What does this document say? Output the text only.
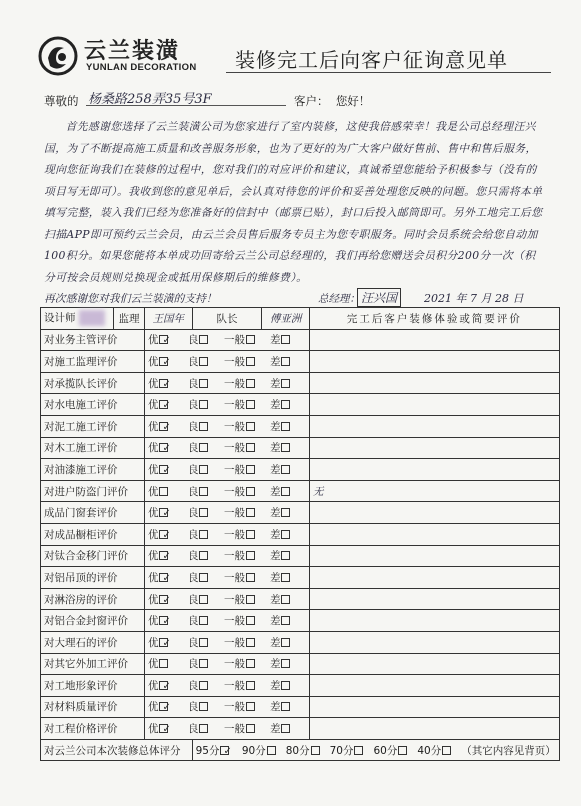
云兰装潢
YUNLAN DECORATION 装修完工后向客户征询意见单
尊敬的 杨桑路258弄35号3F	客户： 您好！

首先感谢您选择了云兰装潢公司为您家进行了室内装修，这使我倍感荣幸！我是公司总经理汪兴国，为了不断提高施工质量和改善服务形象，也为了更好的为广大客户做好售前、售中和售后服务，现向您征询我们在装修的过程中，您对我们的对应评价和建议，真诚希望您能给予积极参与（没有的项目写无即可）。我收到您的意见单后，会认真对待您的评价和妥善处理您反映的问题。您只需将本单填写完整，装入我们已经为您准备好的信封中（邮票已贴），封口后投入邮筒即可。另外工地完工后您扫描APP即可预约云兰会员，由云兰会员售后服务专员主为您专职服务。同时会员系统会给您自动加100积分。如果您能将本单成功回寄给云兰公司总经理的，我们再给您赠送会员积分200分一次（积分可按会员规则兑换现金或抵用保修期后的维修费）。

再次感谢您对我们云兰装潢的支持！	总经理： 汪兴国	2021 年 7 月 28 日
设计师	监理	王国年	队长	傅亚洲	完工后客户装修体验或简要评价
对业务主管评价		优 ✓ 良 一般 差			
对施工监理评价		优 ✓ 良 一般 差			
对承揽队长评价		优 ✓ 良 一般 差			
对水电施工评价		优 ✓ 良 一般 差			
对泥工施工评价		优 ✓ 良 一般 差			
对木工施工评价		优 ✓ 良 一般 差			
对油漆施工评价		优 ✓ 良 一般 差			
对进户防盗门评价		优 良 一般 差			无
成品门窗套评价		优 ✓ 良 一般 差			
对成品橱柜评价		优 ✓ 良 一般 差			
对钛合金移门评价		优 ✓ 良 一般 差			
对铝吊顶的评价		优 ✓ 良 一般 差			
对淋浴房的评价		优 ✓ 良 一般 差			
对铝合金封窗评价		优 ✓ 良 一般 差			
对大理石的评价		优 ✓ 良 一般 差			
对其它外加工评价		优 良 一般 差			
对工地形象评价		优 ✓ 良 一般 差			
对材料质量评价		优 ✓ 良 一般 差			
对工程价格评价		优 ✓ 良 一般 差			
对云兰公司本次装修总体评分			95分 ✓ 90分 80分 70分 60分 40分 （其它内容见背页）		
